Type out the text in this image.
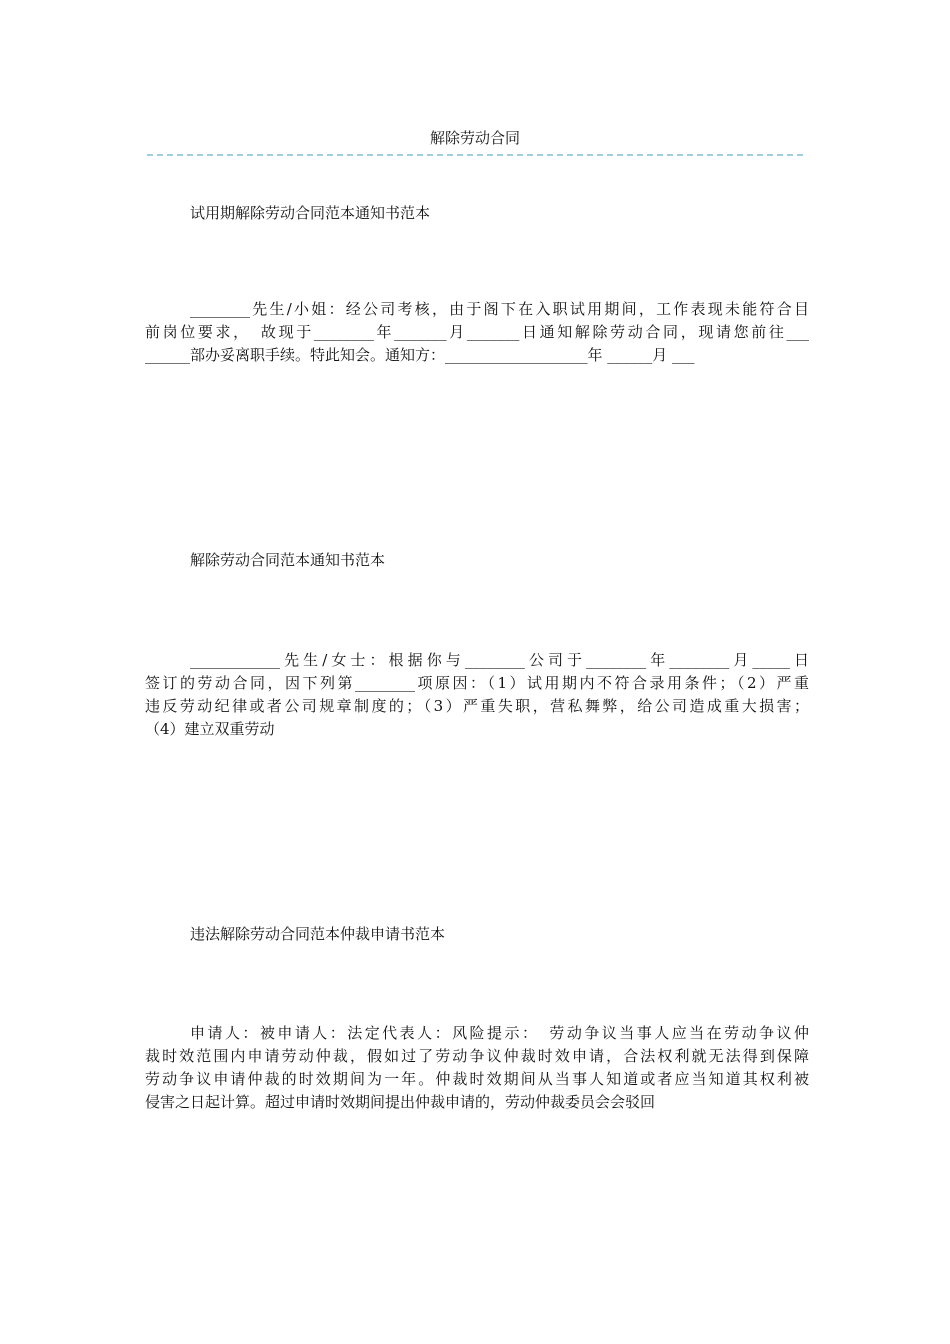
解除劳动合同
试用期解除劳动合同范本通知书范本
________先生/小姐：经公司考核，由于阁下在入职试用期间，工作表现未能符合目
前岗位要求，　故现于________年_______月_______日通知解除劳动合同，现请您前往___
______部办妥离职手续。特此知会。通知方：___________________年 ______月 ___
解除劳动合同范本通知书范本
____________先生/女士：根据你与________公司于________年________月_____日
签订的劳动合同，因下列第________项原因：（1）试用期内不符合录用条件；（2）严重
违反劳动纪律或者公司规章制度的；（3）严重失职，营私舞弊，给公司造成重大损害；
（4）建立双重劳动
违法解除劳动合同范本仲裁申请书范本
申请人：被申请人：法定代表人：风险提示：　劳动争议当事人应当在劳动争议仲
裁时效范围内申请劳动仲裁，假如过了劳动争议仲裁时效申请，合法权利就无法得到保障
劳动争议申请仲裁的时效期间为一年。仲裁时效期间从当事人知道或者应当知道其权利被
侵害之日起计算。超过申请时效期间提出仲裁申请的，劳动仲裁委员会会驳回
